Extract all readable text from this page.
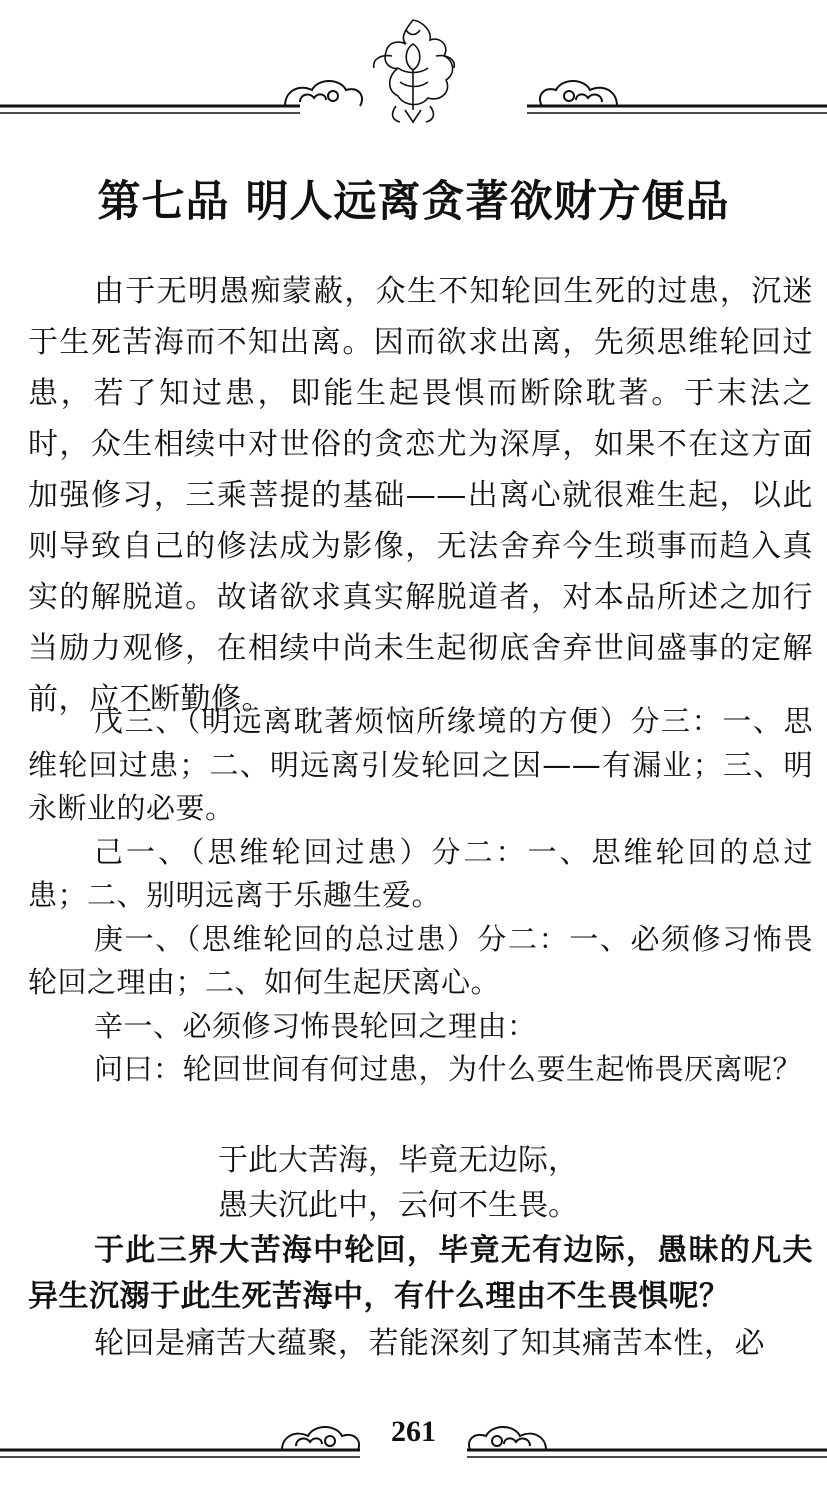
第七品 明人远离贪著欲财方便品

由于无明愚痴蒙蔽，众生不知轮回生死的过患，沉迷于生死苦海而不知出离。因而欲求出离，先须思维轮回过患，若了知过患，即能生起畏惧而断除耽著。于末法之时，众生相续中对世俗的贪恋尤为深厚，如果不在这方面加强修习，三乘菩提的基础——出离心就很难生起，以此则导致自己的修法成为影像，无法舍弃今生琐事而趋入真实的解脱道。故诸欲求真实解脱道者，对本品所述之加行当励力观修，在相续中尚未生起彻底舍弃世间盛事的定解前，应不断勤修。

戊三、（明远离耽著烦恼所缘境的方便）分三：一、思维轮回过患；二、明远离引发轮回之因——有漏业；三、明永断业的必要。

己一、（思维轮回过患）分二：一、思维轮回的总过患；二、别明远离于乐趣生爱。

庚一、（思维轮回的总过患）分二：一、必须修习怖畏轮回之理由；二、如何生起厌离心。

辛一、必须修习怖畏轮回之理由：

问曰：轮回世间有何过患，为什么要生起怖畏厌离呢？

于此大苦海，毕竟无边际，

愚夫沉此中，云何不生畏。

于此三界大苦海中轮回，毕竟无有边际，愚昧的凡夫异生沉溺于此生死苦海中，有什么理由不生畏惧呢？

轮回是痛苦大蕴聚，若能深刻了知其痛苦本性，必

261
